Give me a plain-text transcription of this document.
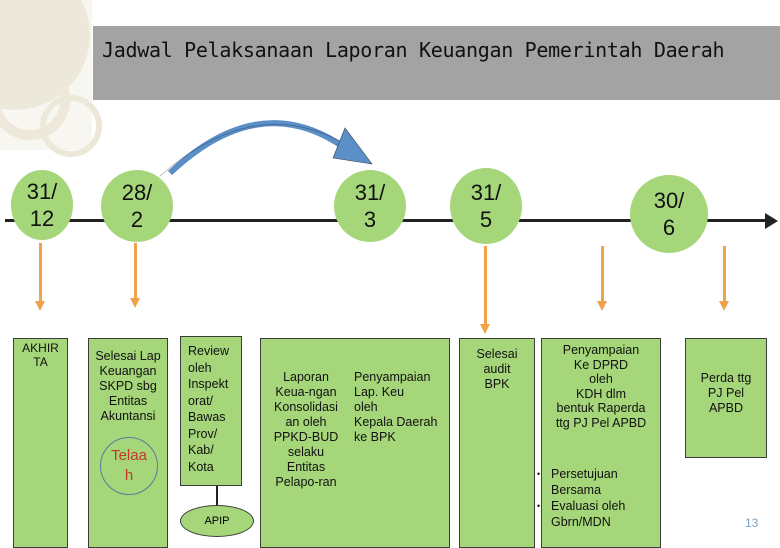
Jadwal Pelaksanaan Laporan Keuangan Pemerintah Daerah
31/
12
28/
2
31/
3
31/
5
30/
6
AKHIR
TA	Selesai Lap
Keuangan
SKPD sbg
Entitas
Akuntansi
Telaa
h
Review
oleh
Inspekt
orat/
Bawas
Prov/
Kab/
Kota
APIP
Laporan
Keua-ngan
Konsolidasi
an oleh
PPKD-BUD
selaku
Entitas
Pelapo-ran
Penyampaian
Lap. Keu
oleh
Kepala Daerah
ke BPK
Selesai
audit
BPK
Penyampaian
Ke DPRD
oleh
KDH dlm
bentuk Raperda
ttg PJ Pel APBD
Perda ttg
PJ Pel
APBD
• Persetujuan Bersama
• Evaluasi oleh Gbrn/MDN	13
